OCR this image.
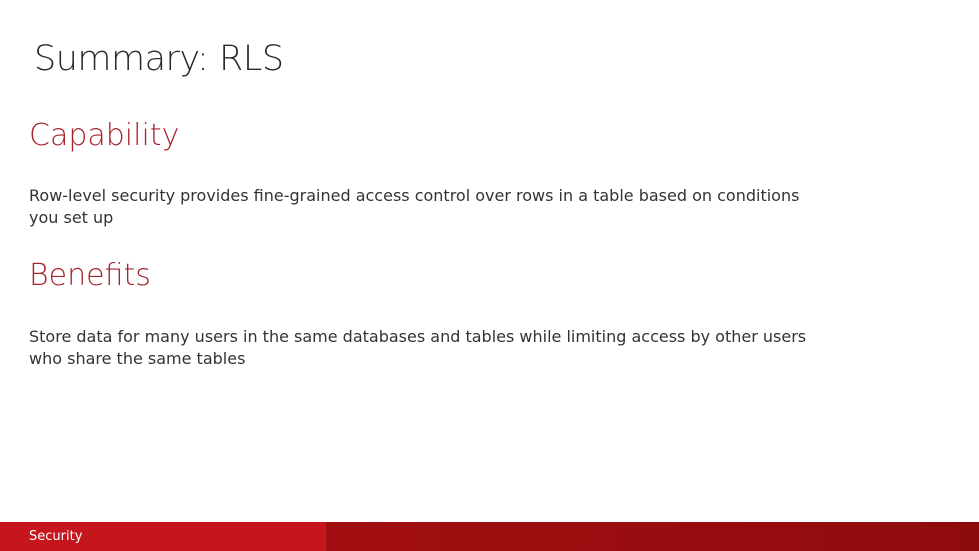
Summary: RLS
Capability
Row-level security provides fine-grained access control over rows in a table based on conditions you set up
Benefits
Store data for many users in the same databases and tables while limiting access by other users who share the same tables
Security
